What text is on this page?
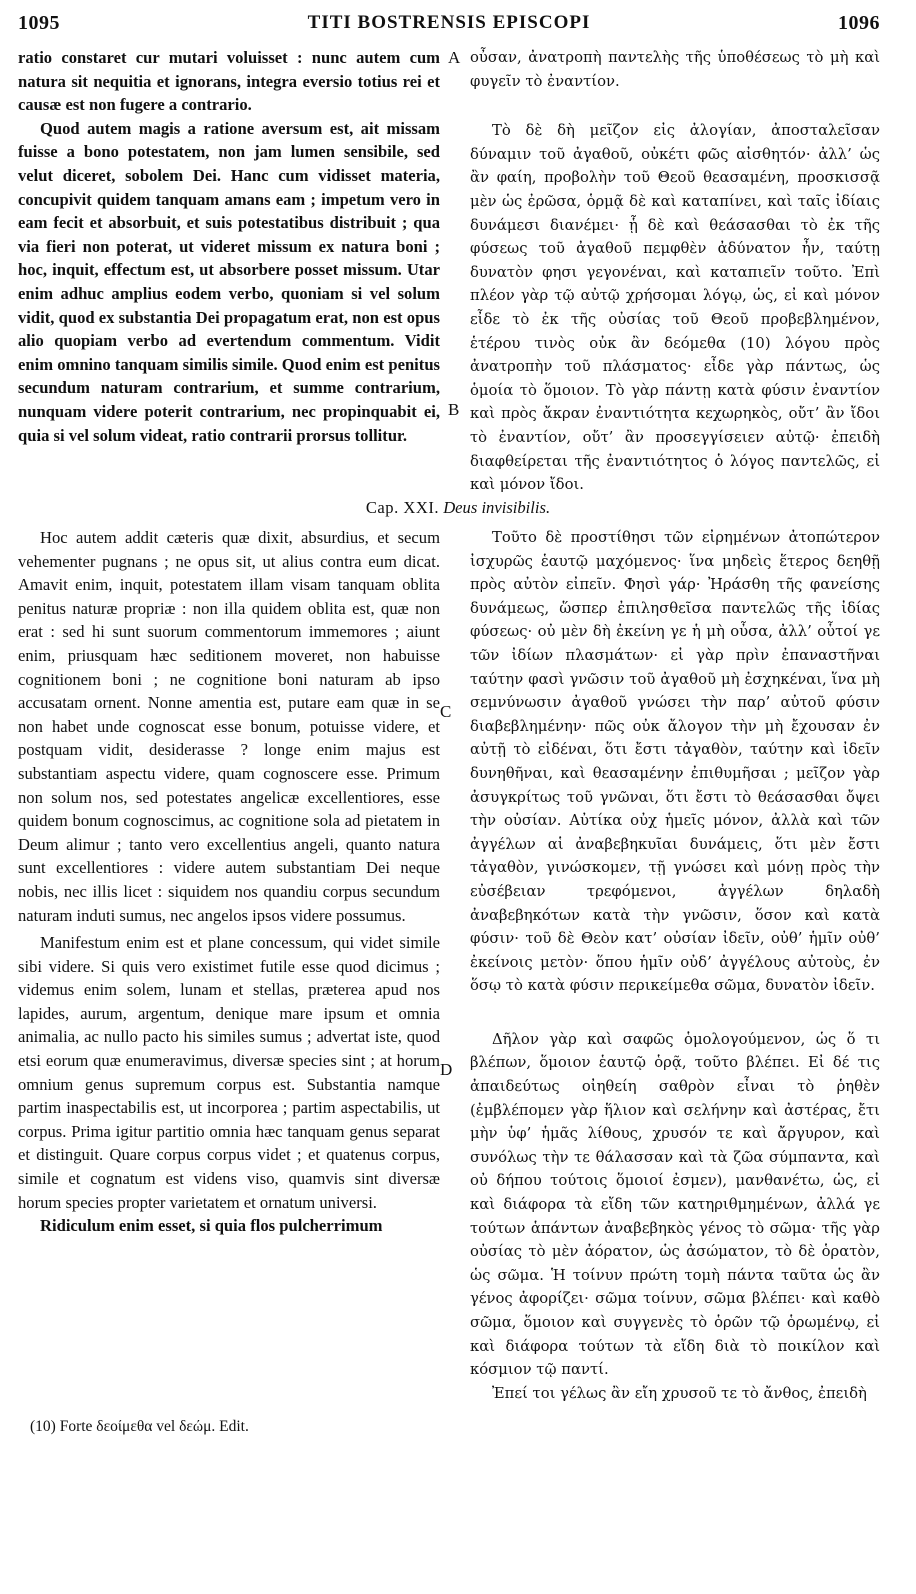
1095	TITI BOSTRENSIS EPISCOPI	1096

ratio constaret cur mutari voluisset : nunc autem cum natura sit nequitia et ignorans, integra eversio totius rei et causæ est non fugere a contrario.

Quod autem magis a ratione aversum est, ait missam fuisse a bono potestatem, non jam lumen sensibile, sed velut diceret, sobolem Dei. Hanc cum vidisset materia, concupivit quidem tanquam amans eam ; impetum vero in eam fecit et absorbuit, et suis potestatibus distribuit ; qua via fieri non poterat, ut videret missum ex natura boni ; hoc, inquit, effectum est, ut absorbere posset missum. Utar enim adhuc amplius eodem verbo, quoniam si vel solum vidit, quod ex substantia Dei propagatum erat, non est opus alio quopiam verbo ad evertendum commentum. Vidit enim omnino tanquam similis simile. Quod enim est penitus secundum naturam contrarium, et summe contrarium, nunquam videre poterit contrarium, nec propinquabit ei, quia si vel solum videat, ratio contrarii prorsus tollitur.

οὖσαν, ἀνατροπὴ παντελὴς τῆς ὑποθέσεως τὸ μὴ καὶ φυγεῖν τὸ ἐναντίον.

Τὸ δὲ δὴ μεῖζον εἰς ἀλογίαν, ἀποσταλεῖσαν δύναμιν τοῦ ἀγαθοῦ, οὐκέτι φῶς αἰσθητόν· ἀλλ’ ὡς ἂν φαίη, προβολὴν τοῦ Θεοῦ θεασαμένη, προσκισσᾷ μὲν ὡς ἐρῶσα, ὁρμᾷ δὲ καὶ καταπίνει, καὶ ταῖς ἰδίαις δυνάμεσι διανέμει· ᾗ δὲ καὶ θεάσασθαι τὸ ἐκ τῆς φύσεως τοῦ ἀγαθοῦ πεμφθὲν ἀδύνατον ἦν, ταύτῃ δυνατὸν φησι γεγονέναι, καὶ καταπιεῖν τοῦτο. Ἐπὶ πλέον γὰρ τῷ αὐτῷ χρήσομαι λόγῳ, ὡς, εἰ καὶ μόνον εἶδε τὸ ἐκ τῆς οὐσίας τοῦ Θεοῦ προβεβλημένον, ἑτέρου τινὸς οὐκ ἂν δεόμεθα (10) λόγου πρὸς ἀνατροπὴν τοῦ πλάσματος· εἶδε γὰρ πάντως, ὡς ὁμοία τὸ ὅμοιον. Τὸ γὰρ πάντῃ κατὰ φύσιν ἐναντίον καὶ πρὸς ἄκραν ἐναντιότητα κεχωρηκὸς, οὔτ’ ἂν ἴδοι τὸ ἐναντίον, οὔτ’ ἂν προσεγγίσειεν αὐτῷ· ἐπειδὴ διαφθείρεται τῆς ἐναντιότητος ὁ λόγος παντελῶς, εἰ καὶ μόνον ἴδοι.

A
B
Cap. XXI. Deus invisibilis.

Hoc autem addit cæteris quæ dixit, absurdius, et secum vehementer pugnans ; ne opus sit, ut alius contra eum dicat. Amavit enim, inquit, potestatem illam visam tanquam oblita penitus naturæ propriæ : non illa quidem oblita est, quæ non erat : sed hi sunt suorum commentorum immemores ; aiunt enim, priusquam hæc seditionem moveret, non habuisse cognitionem boni ; ne cognitione boni naturam ab ipso accusatam ornent. Nonne amentia est, putare eam quæ in se non habet unde cognoscat esse bonum, potuisse videre, et postquam vidit, desiderasse ? longe enim majus est substantiam aspectu videre, quam cognoscere esse. Primum non solum nos, sed potestates angelicæ excellentiores, esse quidem bonum cognoscimus, ac cognitione sola ad pietatem in Deum alimur ; tanto vero excellentius angeli, quanto natura sunt excellentiores : videre autem substantiam Dei neque nobis, nec illis licet : siquidem nos quandiu corpus secundum naturam induti sumus, nec angelos ipsos videre possumus.

Manifestum enim est et plane concessum, qui videt simile sibi videre. Si quis vero existimet futile esse quod dicimus ; videmus enim solem, lunam et stellas, præterea apud nos lapides, aurum, argentum, denique mare ipsum et omnia animalia, ac nullo pacto his similes sumus ; advertat iste, quod etsi eorum quæ enumeravimus, diversæ species sint ; at horum omnium genus supremum corpus est. Substantia namque partim inaspectabilis est, ut incorporea ; partim aspectabilis, ut corpus. Prima igitur partitio omnia hæc tanquam genus separat et distinguit. Quare corpus corpus videt ; et quatenus corpus, simile et cognatum est videns viso, quamvis sint diversæ horum species propter varietatem et ornatum universi.

Ridiculum enim esset, si quia flos pulcherrimum

Τοῦτο δὲ προστίθησι τῶν εἰρημένων ἀτοπώτερον ἰσχυρῶς ἑαυτῷ μαχόμενος· ἵνα μηδεὶς ἕτερος δεηθῇ πρὸς αὐτὸν εἰπεῖν. Φησὶ γάρ· Ἠράσθη τῆς φανείσης δυνάμεως, ὥσπερ ἐπιλησθεῖσα παντελῶς τῆς ἰδίας φύσεως· οὐ μὲν δὴ ἐκείνη γε ἡ μὴ οὖσα, ἀλλ’ οὗτοί γε τῶν ἰδίων πλασμάτων· εἰ γὰρ πρὶν ἐπαναστῆναι ταύτην φασὶ γνῶσιν τοῦ ἀγαθοῦ μὴ ἐσχηκέναι, ἵνα μὴ σεμνύνωσιν ἀγαθοῦ γνώσει τὴν παρ’ αὐτοῦ φύσιν διαβεβλημένην· πῶς οὐκ ἄλογον τὴν μὴ ἔχουσαν ἐν αὐτῇ τὸ εἰδέναι, ὅτι ἔστι τἀγαθὸν, ταύτην καὶ ἰδεῖν δυνηθῆναι, καὶ θεασαμένην ἐπιθυμῆσαι ; μεῖζον γὰρ ἀσυγκρίτως τοῦ γνῶναι, ὅτι ἔστι τὸ θεάσασθαι ὄψει τὴν οὐσίαν. Αὐτίκα οὐχ ἡμεῖς μόνον, ἀλλὰ καὶ τῶν ἀγγέλων αἱ ἀναβεβηκυῖαι δυνάμεις, ὅτι μὲν ἔστι τἀγαθὸν, γινώσκομεν, τῇ γνώσει καὶ μόνῃ πρὸς τὴν εὐσέβειαν τρεφόμενοι, ἀγγέλων δηλαδὴ ἀναβεβηκότων κατὰ τὴν γνῶσιν, ὅσον καὶ κατὰ φύσιν· τοῦ δὲ Θεὸν κατ’ οὐσίαν ἰδεῖν, οὐθ’ ἡμῖν οὐθ’ ἐκείνοις μετὸν· ὅπου ἡμῖν οὐδ’ ἀγγέλους αὐτοὺς, ἐν ὅσῳ τὸ κατὰ φύσιν περικείμεθα σῶμα, δυνατὸν ἰδεῖν.

Δῆλον γὰρ καὶ σαφῶς ὁμολογούμενον, ὡς ὅ τι βλέπων, ὅμοιον ἑαυτῷ ὁρᾷ, τοῦτο βλέπει. Εἰ δέ τις ἀπαιδεύτως οἰηθείη σαθρὸν εἶναι τὸ ῥηθὲν (ἐμβλέπομεν γὰρ ἥλιον καὶ σελήνην καὶ ἀστέρας, ἔτι μὴν ὑφ’ ἡμᾶς λίθους, χρυσόν τε καὶ ἄργυρον, καὶ συνόλως τὴν τε θάλασσαν καὶ τὰ ζῶα σύμπαντα, καὶ οὐ δήπου τούτοις ὅμοιοί ἐσμεν), μανθανέτω, ὡς, εἰ καὶ διάφορα τὰ εἴδη τῶν κατηριθμημένων, ἀλλά γε τούτων ἁπάντων ἀναβεβηκὸς γένος τὸ σῶμα· τῆς γὰρ οὐσίας τὸ μὲν ἀόρατον, ὡς ἀσώματον, τὸ δὲ ὁρατὸν, ὡς σῶμα. Ἡ τοίνυν πρώτη τομὴ πάντα ταῦτα ὡς ἂν γένος ἀφορίζει· σῶμα τοίνυν, σῶμα βλέπει· καὶ καθὸ σῶμα, ὅμοιον καὶ συγγενὲς τὸ ὁρῶν τῷ ὁρωμένῳ, εἰ καὶ διάφορα τούτων τὰ εἴδη διὰ τὸ ποικίλον καὶ κόσμιον τῷ παντί.

Ἐπεί τοι γέλως ἂν εἴη χρυσοῦ τε τὸ ἄνθος, ἐπειδὴ

C
D
(10) Forte δεοίμεθα vel δεώμ. Edit.
